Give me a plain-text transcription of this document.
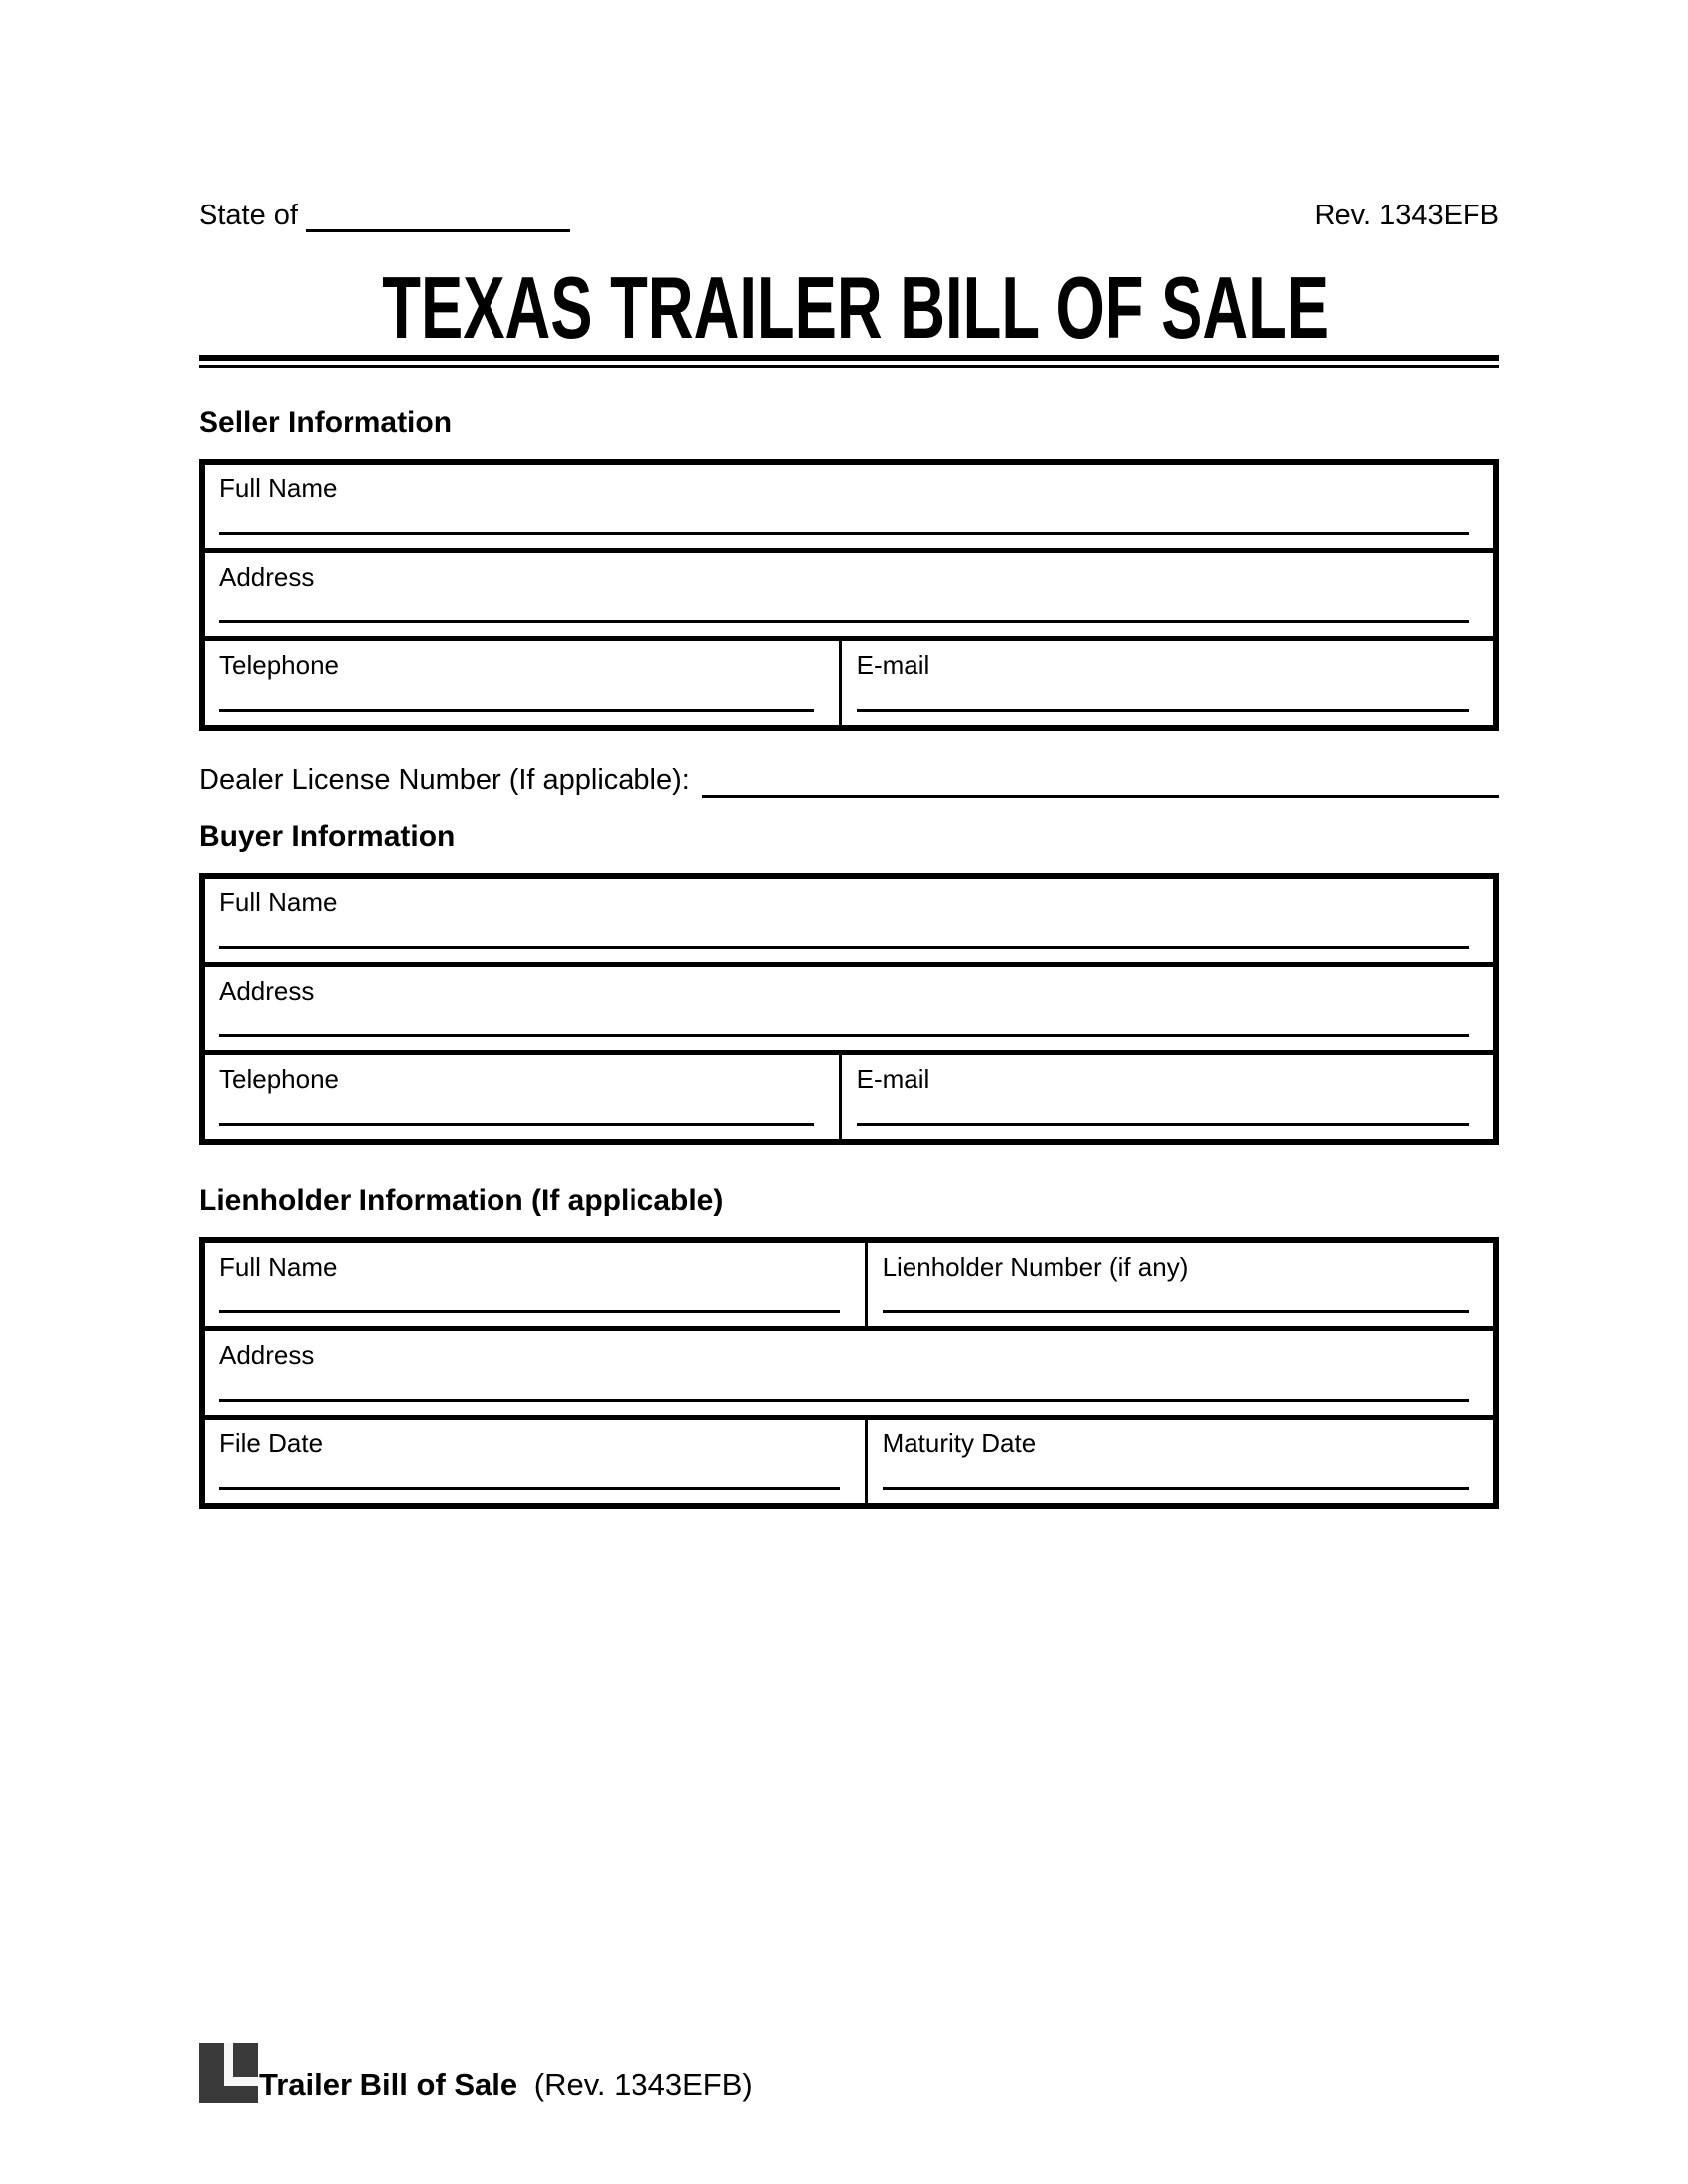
State of	Rev. 1343EFB
TEXAS TRAILER BILL OF SALE
Seller Information
Full Name
Address
Telephone	E-mail
Dealer License Number (If applicable):
Buyer Information
Full Name
Address
Telephone	E-mail
Lienholder Information (If applicable)
Full Name	Lienholder Number (if any)
Address
File Date	Maturity Date
Trailer Bill of Sale (Rev. 1343EFB)
